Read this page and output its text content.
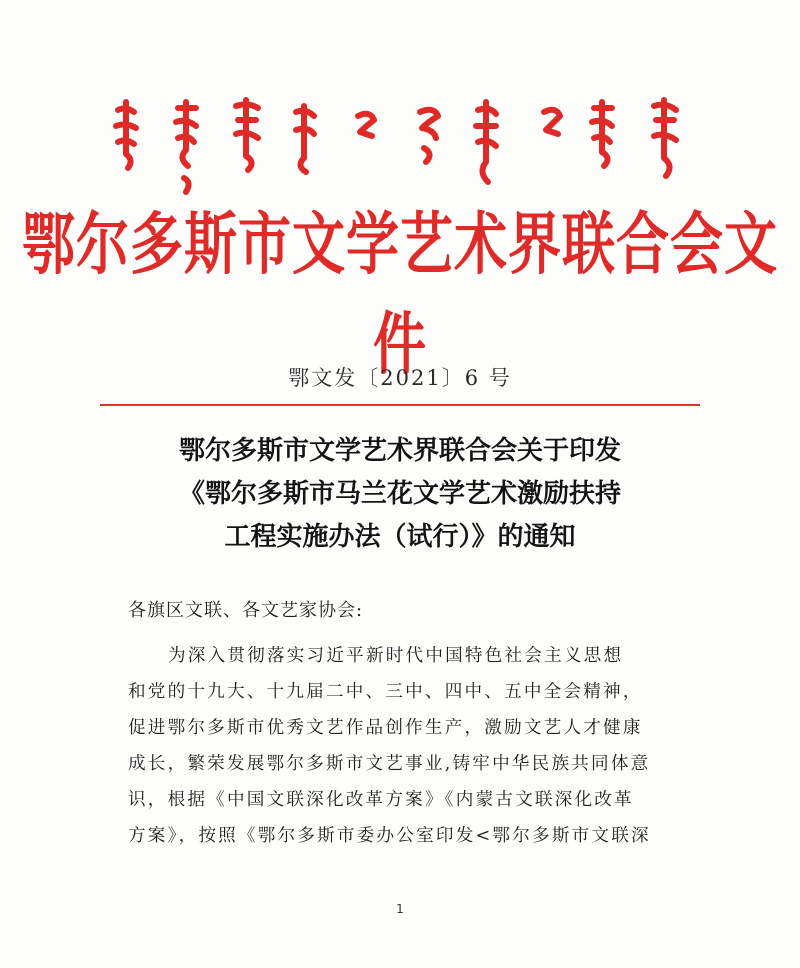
鄂尔多斯市文学艺术界联合会文件
鄂文发〔2021〕6 号
鄂尔多斯市文学艺术界联合会关于印发
《鄂尔多斯市马兰花文学艺术激励扶持
工程实施办法（试行）》的通知
各旗区文联、各文艺家协会:
为深入贯彻落实习近平新时代中国特色社会主义思想
和党的十九大、十九届二中、三中、四中、五中全会精神，
促进鄂尔多斯市优秀文艺作品创作生产，激励文艺人才健康
成长，繁荣发展鄂尔多斯市文艺事业,铸牢中华民族共同体意
识，根据《中国文联深化改革方案》《内蒙古文联深化改革
方案》，按照《鄂尔多斯市委办公室印发<鄂尔多斯市文联深
1
